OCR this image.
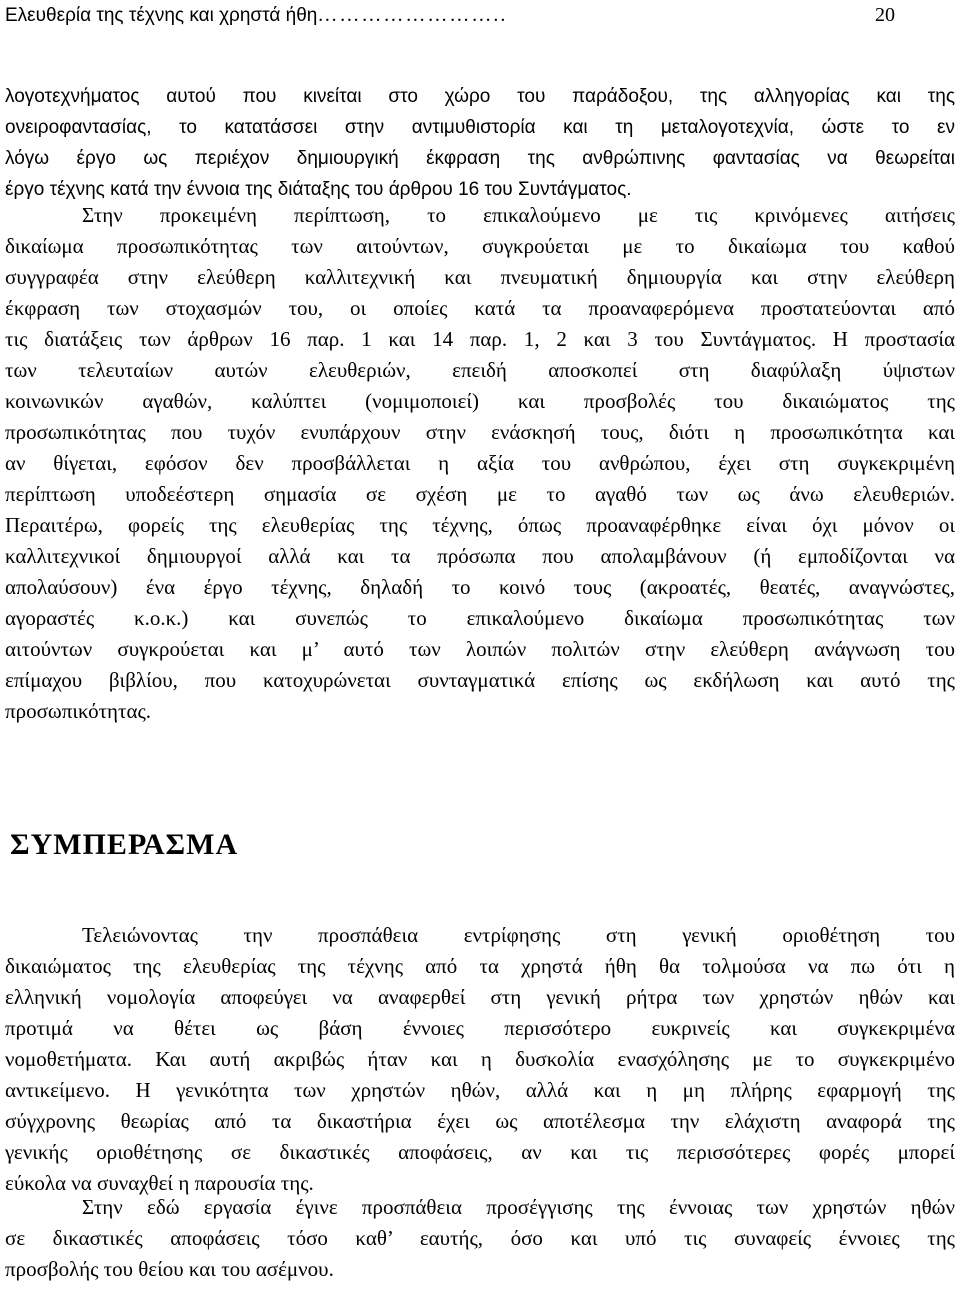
Ελευθερία της τέχνης και χρηστά ήθη……………………..	20
λογοτεχνήματος αυτού που κινείται στο χώρο του παράδοξου, της αλληγορίας και της
ονειροφαντασίας, το κατατάσσει στην αντιμυθιστορία και τη μεταλογοτεχνία, ώστε το εν
λόγω έργο ως περιέχον δημιουργική έκφραση της ανθρώπινης φαντασίας να θεωρείται
έργο τέχνης κατά την έννοια της διάταξης του άρθρου 16 του Συντάγματος.
Στην προκειμένη περίπτωση, το επικαλούμενο με τις κρινόμενες αιτήσεις
δικαίωμα προσωπικότητας των αιτούντων, συγκρούεται με το δικαίωμα του καθού
συγγραφέα στην ελεύθερη καλλιτεχνική και πνευματική δημιουργία και στην ελεύθερη
έκφραση των στοχασμών του, οι οποίες κατά τα προαναφερόμενα προστατεύονται από
τις διατάξεις των άρθρων 16 παρ. 1 και 14 παρ. 1, 2 και 3 του Συντάγματος. Η προστασία
των τελευταίων αυτών ελευθεριών, επειδή αποσκοπεί στη διαφύλαξη ύψιστων
κοινωνικών αγαθών, καλύπτει (νομιμοποιεί) και προσβολές του δικαιώματος της
προσωπικότητας που τυχόν ενυπάρχουν στην ενάσκησή τους, διότι η προσωπικότητα και
αν θίγεται, εφόσον δεν προσβάλλεται η αξία του ανθρώπου, έχει στη συγκεκριμένη
περίπτωση υποδεέστερη σημασία σε σχέση με το αγαθό των ως άνω ελευθεριών.
Περαιτέρω, φορείς της ελευθερίας της τέχνης, όπως προαναφέρθηκε είναι όχι μόνον οι
καλλιτεχνικοί δημιουργοί αλλά και τα πρόσωπα που απολαμβάνουν (ή εμποδίζονται να
απολαύσουν) ένα έργο τέχνης, δηλαδή το κοινό τους (ακροατές, θεατές, αναγνώστες,
αγοραστές κ.ο.κ.) και συνεπώς το επικαλούμενο δικαίωμα προσωπικότητας των
αιτούντων συγκρούεται και μ’ αυτό των λοιπών πολιτών στην ελεύθερη ανάγνωση του
επίμαχου βιβλίου, που κατοχυρώνεται συνταγματικά επίσης ως εκδήλωση και αυτό της
προσωπικότητας.
ΣΥΜΠΕΡΑΣΜΑ
Τελειώνοντας την προσπάθεια εντρίφησης στη γενική οριοθέτηση του
δικαιώματος της ελευθερίας της τέχνης από τα χρηστά ήθη θα τολμούσα να πω ότι η
ελληνική νομολογία αποφεύγει να αναφερθεί στη γενική ρήτρα των χρηστών ηθών και
προτιμά να θέτει ως βάση έννοιες περισσότερο ευκρινείς και συγκεκριμένα
νομοθετήματα. Και αυτή ακριβώς ήταν και η δυσκολία ενασχόλησης με το συγκεκριμένο
αντικείμενο. Η γενικότητα των χρηστών ηθών, αλλά και η μη πλήρης εφαρμογή της
σύγχρονης θεωρίας από τα δικαστήρια έχει ως αποτέλεσμα την ελάχιστη αναφορά της
γενικής οριοθέτησης σε δικαστικές αποφάσεις, αν και τις περισσότερες φορές μπορεί
εύκολα να συναχθεί η παρουσία της.
Στην εδώ εργασία έγινε προσπάθεια προσέγγισης της έννοιας των χρηστών ηθών
σε δικαστικές αποφάσεις τόσο καθ’ εαυτής, όσο και υπό τις συναφείς έννοιες της
προσβολής του θείου και του ασέμνου.
